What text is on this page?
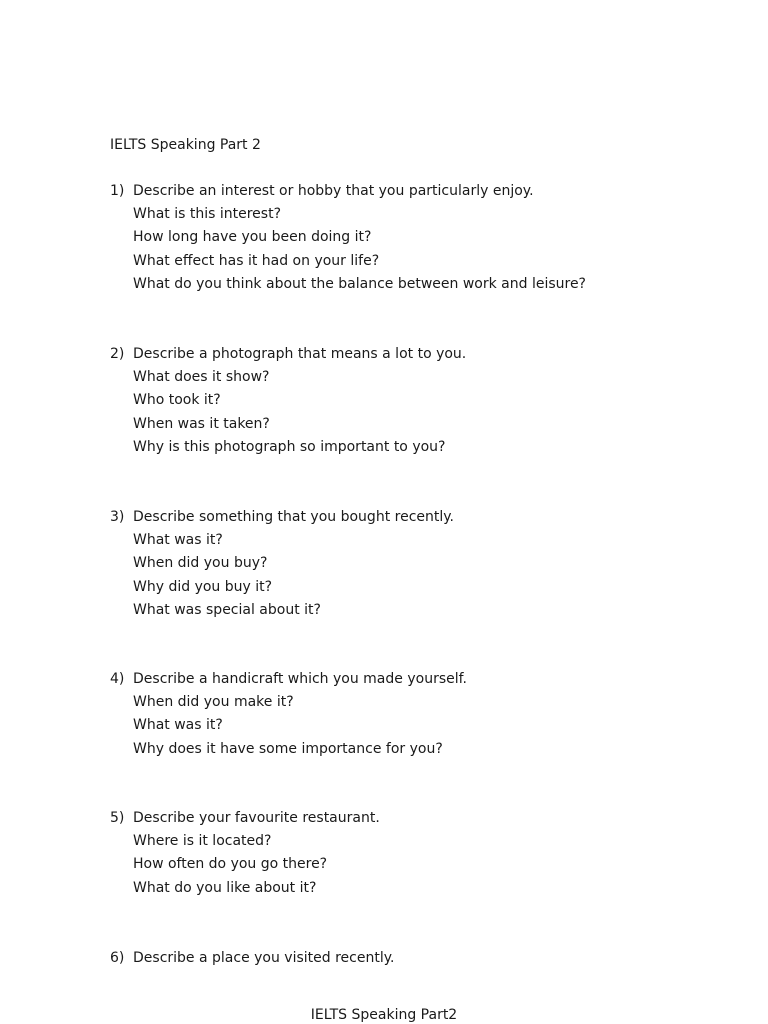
IELTS Speaking Part 2
1) Describe an interest or hobby that you particularly enjoy.
What is this interest?
How long have you been doing it?
What effect has it had on your life?
What do you think about the balance between work and leisure?
2) Describe a photograph that means a lot to you.
What does it show?
Who took it?
When was it taken?
Why is this photograph so important to you?
3) Describe something that you bought recently.
What was it?
When did you buy?
Why did you buy it?
What was special about it?
4) Describe a handicraft which you made yourself.
When did you make it?
What was it?
Why does it have some importance for you?
5) Describe your favourite restaurant.
Where is it located?
How often do you go there?
What do you like about it?
6) Describe a place you visited recently.
IELTS Speaking Part2
